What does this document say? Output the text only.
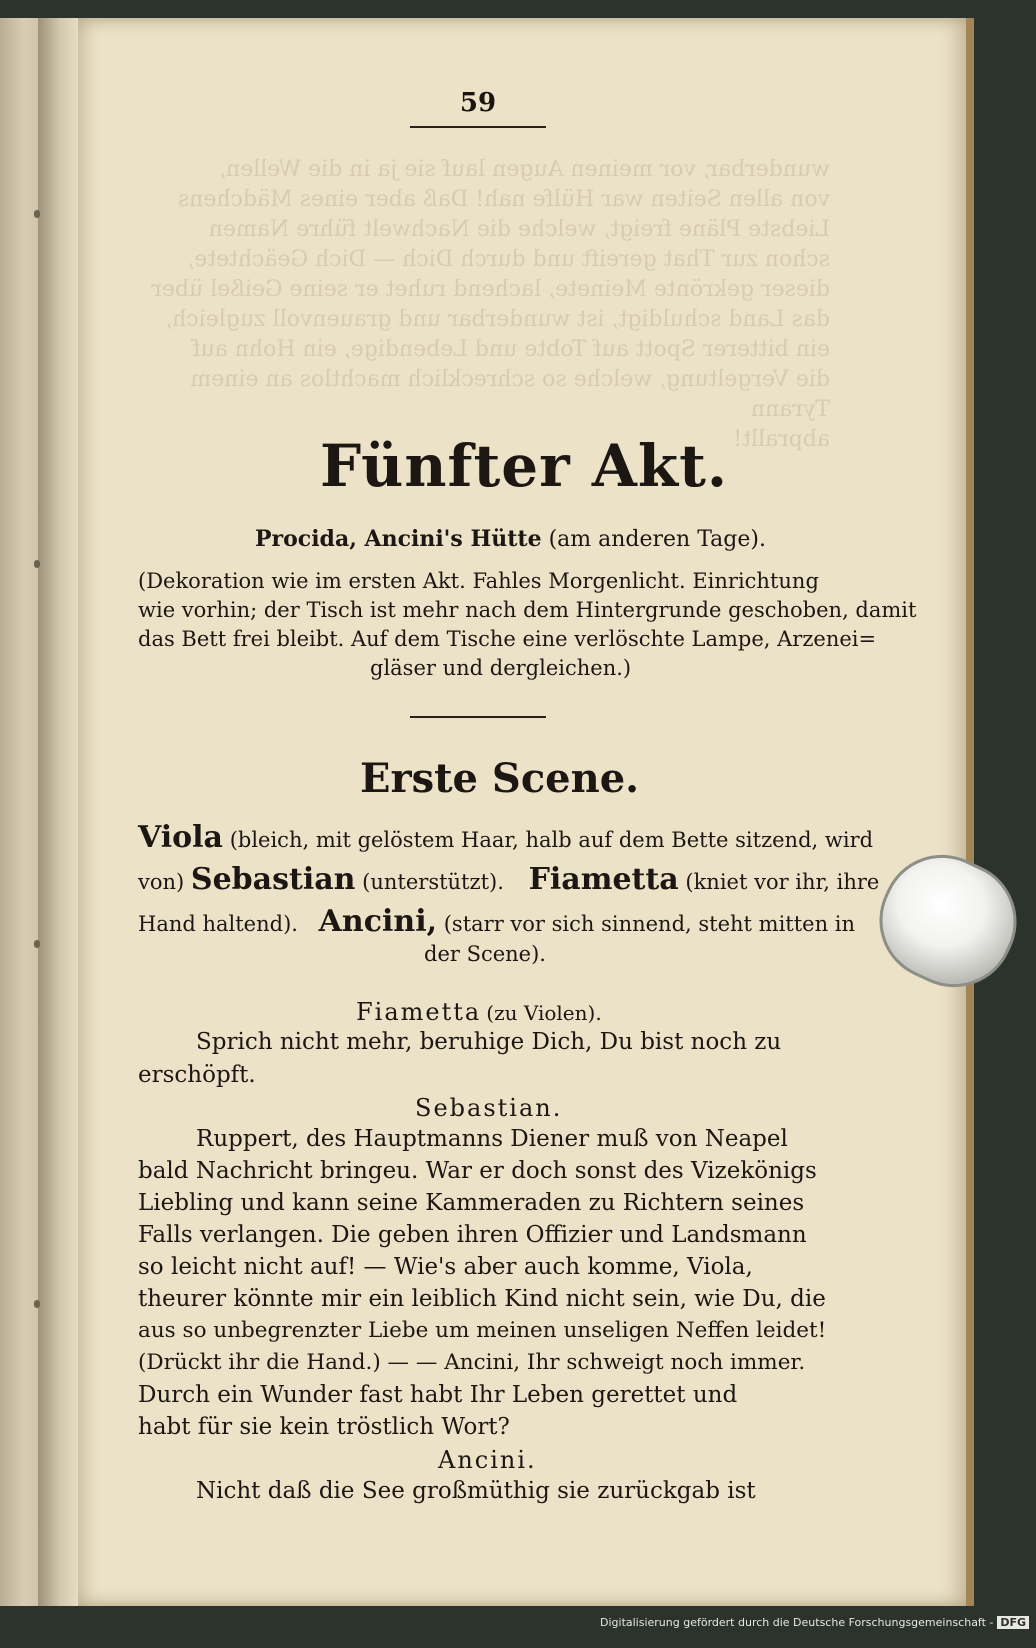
wunderbar, vor meinen Augen lauf sie ja in die Wellen,
von allen Seiten war Hülfe nah! Daß aber eines Mädchens
Liebste Pläne freigt, welche die Nachwelt führe Namen
schon zur That gereift und durch Dich — Dich Geächtete,
dieser gekrönte Meinete, lachend ruhet er seine Geißel über
das Land schuldigt, ist wunderbar und grauenvoll zugleich,
ein bitterer Spott auf Tobte und Lebendige, ein Hohn auf
die Vergeltung, welche so schrecklich machtlos an einem Tyrann
abprallt!
59
Fünfter Akt.
Procida, Ancini's Hütte (am anderen Tage).
(Dekoration wie im ersten Akt. Fahles Morgenlicht. Einrichtung
wie vorhin; der Tisch ist mehr nach dem Hintergrunde geschoben, damit
das Bett frei bleibt. Auf dem Tische eine verlöschte Lampe, Arzenei=
gläser und dergleichen.)
Erste Scene.
Viola (bleich, mit gelöstem Haar, halb auf dem Bette sitzend, wird
von) Sebastian (unterstützt). Fiametta (kniet vor ihr, ihre
Hand haltend). Ancini, (starr vor sich sinnend, steht mitten in
der Scene).
Fiametta (zu Violen).
Sprich nicht mehr, beruhige Dich, Du bist noch zu
erschöpft.
Sebastian.
Ruppert, des Hauptmanns Diener muß von Neapel
bald Nachricht bringeu. War er doch sonst des Vizekönigs
Liebling und kann seine Kammeraden zu Richtern seines
Falls verlangen. Die geben ihren Offizier und Landsmann
so leicht nicht auf! — Wie's aber auch komme, Viola,
theurer könnte mir ein leiblich Kind nicht sein, wie Du, die
aus so unbegrenzter Liebe um meinen unseligen Neffen leidet!
(Drückt ihr die Hand.) — — Ancini, Ihr schweigt noch immer.
Durch ein Wunder fast habt Ihr Leben gerettet und
habt für sie kein tröstlich Wort?
Ancini.
Nicht daß die See großmüthig sie zurückgab ist
Digitalisierung gefördert durch die Deutsche Forschungsgemeinschaft - DFG
